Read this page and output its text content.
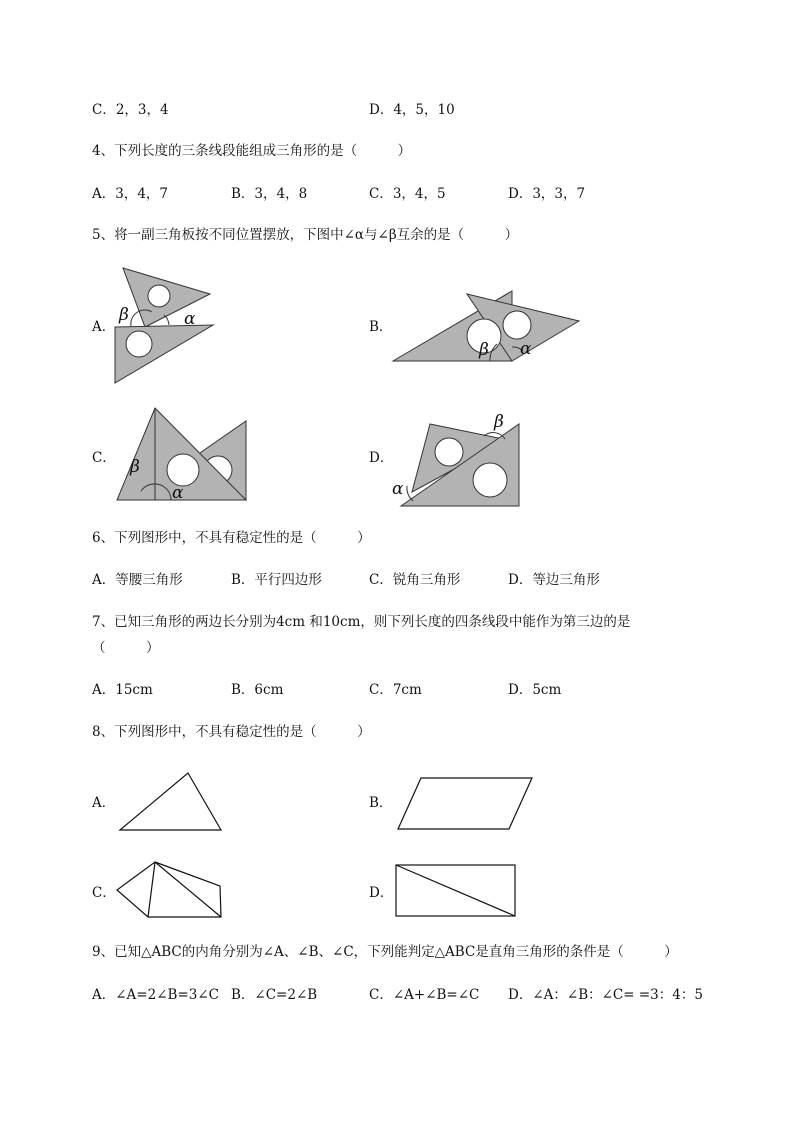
C．2，3，4	D．4，5，10
4、下列长度的三条线段能组成三角形的是（　　　）
A．3，4，7	B．3，4，8	C．3，4，5	D．3，3，7
5、将一副三角板按不同位置摆放，下图中∠α与∠β互余的是（　　　）
A．
β	α	B．
β α
C． β
α
D．
β
α
6、下列图形中，不具有稳定性的是（　　　）
A．等腰三角形	B．平行四边形	C．锐角三角形	D．等边三角形
7、已知三角形的两边长分别为4cm 和10cm，则下列长度的四条线段中能作为第三边的是
（　　　）
A．15cm	B．6cm	C．7cm	D．5cm
8、下列图形中，不具有稳定性的是（　　　）
A．	B．
C．	D．
9、已知△ABC的内角分别为∠A、∠B、∠C，下列能判定△ABC是直角三角形的条件是（　　　）
A．∠A=2∠B=3∠C B．∠C=2∠B	C．∠A+∠B=∠C D．∠A：∠B：∠C= =3：4：5
